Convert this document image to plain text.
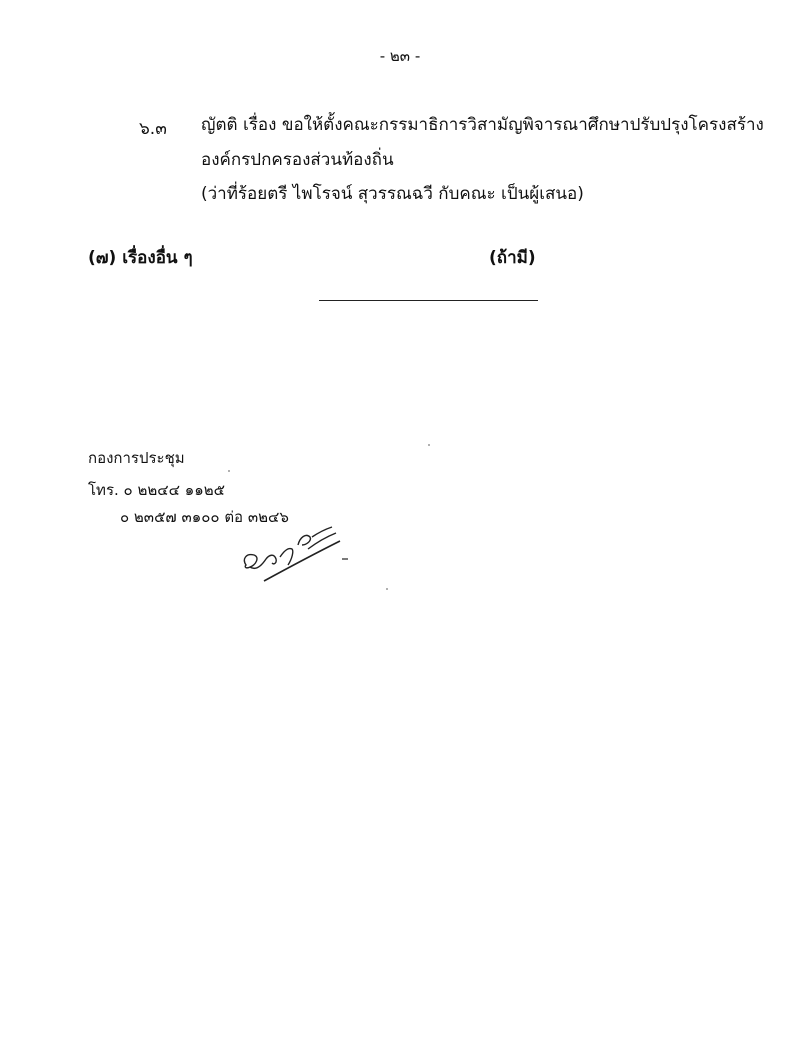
- ๒๓ -
๖.๓ ญัตติ เรื่อง ขอให้ตั้งคณะกรรมาธิการวิสามัญพิจารณาศึกษาปรับปรุงโครงสร้าง
องค์กรปกครองส่วนท้องถิ่น
(ว่าที่ร้อยตรี ไพโรจน์ สุวรรณฉวี กับคณะ เป็นผู้เสนอ)
(๗) เรื่องอื่น ๆ	(ถ้ามี)
กองการประชุม
โทร. ๐ ๒๒๔๔ ๑๑๒๕
๐ ๒๓๕๗ ๓๑๐๐ ต่อ ๓๒๔๖
